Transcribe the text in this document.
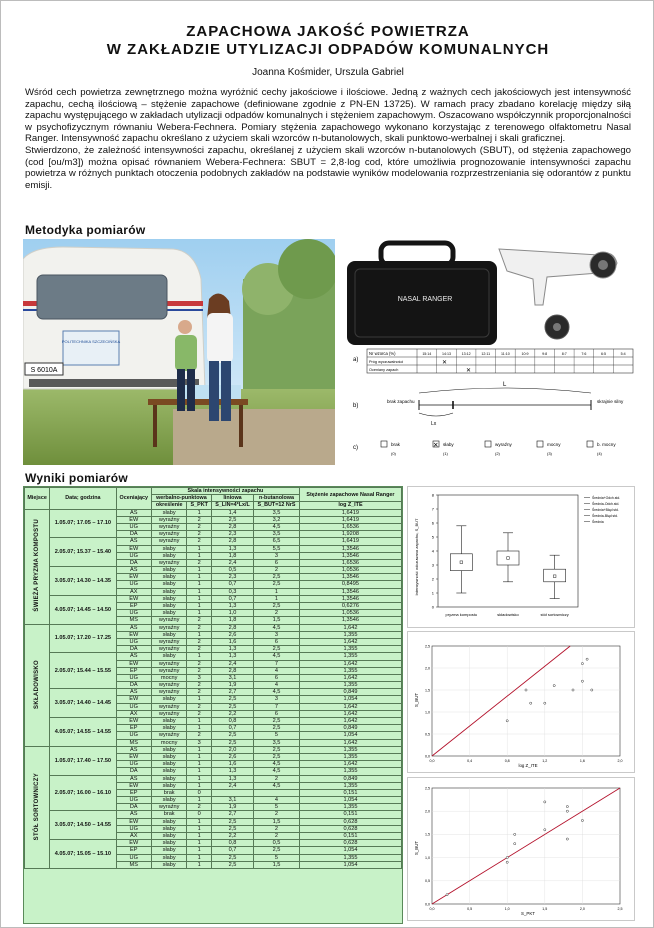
ZAPACHOWA JAKOŚĆ POWIETRZA
W ZAKŁADZIE UTYLIZACJI ODPADÓW KOMUNALNYCH
Joanna Kośmider, Urszula Gabriel

Wśród cech powietrza zewnętrznego można wyróżnić cechy jakościowe i ilościowe. Jedną z ważnych cech jakościowych jest intensywność zapachu, cechą ilościową – stężenie zapachowe (definiowane zgodnie z PN-EN 13725). W ramach pracy zbadano korelację między siłą zapachu występującego w zakładach utylizacji odpadów komunalnych i stężeniem zapachowym. Oszacowano współczynnik proporcjonalności w psychofizycznym równaniu Webera-Fechnera. Pomiary stężenia zapachowego wykonano korzystając z terenowego olfaktometru Nasal Ranger. Intensywność zapachu określano z użyciem skali wzorców n-butanolowych, skali punktowo-werbalnej i skali graficznej.

Stwierdzono, że zależność intensywności zapachu, określanej z użyciem skali wzorców n-butanolowych (SBUT), od stężenia zapachowego (cod [ou/m3]) można opisać równaniem Webera-Fechnera: SBUT = 2,8·log cod, które umożliwia prognozowanie intensywności zapachu powietrza w różnych punktach otoczenia podobnych zakładów na podstawie wyników modelowania rozprzestrzeniania się odorantów z punktu emisji.

Metodyka pomiarów
POLITECHNIKA SZCZECIŃSKA
S 6010A
NASAL RANGER
a)
Nr wzorca (%)
Próg wyczuwalności
Oceniany zapach
15:14	14:13	13:12	12:11	11:10	10:9	9:8	8:7	7:6	6:5	5:4
✕
✕
b)
brak zapachu	skrajnie silny
L
Lx
c)
brak
(0)
✕ słaby
(1)
wyraźny
(2)
mocny
(3)
b. mocny
(4)
Wyniki pomiarów
Miejsce	Data; godzina	Oceniający	Skala intensywności zapachu				Stężenie zapachowe Nasal Ranger
			werbalno-punktowa		liniowa	n-butanolowa	
			określenie	S_PKT	S_LIN=4*Lx/L	S_BUT=12 NrS	log Z_ITE
ŚWIEŻA PRYZMA KOMPOSTU	1.05.07; 17.05 – 17.10	AS	słaby	1	1,4	3,5	1,6419
		EW	wyraźny	2	2,5	3,2	1,6419
		UG	wyraźny	2	2,8	4,5	1,6536
		DA	wyraźny	2	2,3	3,5	1,9208
	2.05.07; 15.37 – 15.40	AS	wyraźny	2	2,8	6,5	1,6419
		EW	słaby	1	1,3	5,5	1,3546
		UG	słaby	1	1,8	3	1,3546
		DA	wyraźny	2	2,4	6	1,6536
	3.05.07; 14.30 – 14.35	AS	słaby	1	0,5	2	1,0536
		EW	słaby	1	2,3	2,5	1,3546
		UG	słaby	1	0,7	2,5	0,8495
		AX	słaby	1	0,3	1	1,3546
	4.05.07; 14.45 – 14.50	EW	słaby	1	0,7	1	1,3546
		EP	słaby	1	1,3	2,5	0,6276
		UG	słaby	1	1,0	2	1,0536
		MS	wyraźny	2	1,8	1,5	1,3546
SKŁADOWISKO	1.05.07; 17.20 – 17.25	AS	wyraźny	2	2,8	4,5	1,642
		EW	słaby	1	2,6	3	1,355
		UG	wyraźny	2	1,6	6	1,642
		DA	wyraźny	2	1,3	2,5	1,355
	2.05.07; 15.44 – 15.55	AS	słaby	1	1,3	4,5	1,355
		EW	wyraźny	2	2,4	7	1,642
		EP	wyraźny	2	2,8	4	1,355
		UG	mocny	3	3,1	6	1,642
		DA	wyraźny	2	1,9	4	1,355
	3.05.07; 14.40 – 14.45	AS	wyraźny	2	2,7	4,5	0,849
		EW	słaby	1	2,5	3	1,054
		UG	wyraźny	2	2,5	7	1,642
		AX	wyraźny	2	2,2	6	1,642
	4.05.07; 14.55 – 14.55	EW	słaby	1	0,8	2,5	1,642
		EP	słaby	1	0,7	2,5	0,849
		UG	wyraźny	2	2,5	5	1,054
		MS	mocny	3	2,5	3,5	1,642
STÓŁ SORTOWNICZY	1.05.07; 17.40 – 17.50	AS	słaby	1	2,0	2,5	1,355
		EW	słaby	1	2,6	2,5	1,355
		UG	słaby	1	1,6	4,5	1,642
		DA	słaby	1	1,3	4,5	1,355
	2.05.07; 16.00 – 16.10	AS	słaby	1	1,3	2	0,849
		EW	słaby	1	2,4	4,5	1,355
		EP	brak	0			0,151
		UG	słaby	1	3,1	4	1,054
		DA	wyraźny	2	1,9	5	1,355
	3.05.07; 14.50 – 14.55	AS	brak	0	2,7	2	0,151
		EW	słaby	1	2,5	1,5	0,628
		UG	słaby	1	2,5	2	0,628
		AX	słaby	1	2,2	2	0,151
	4.05.07; 15.05 – 15.10	EW	słaby	1	0,8	0,5	0,628
		EP	słaby	1	0,7	2,5	1,054
		UG	słaby	1	2,5	5	1,355
		MS	słaby	1	2,5	1,5	1,054
Intensywność odczuwana zapachu, S_BUT
0
1
2
3
4
5
6
7
8
pryzma kompostu	składowisko	stół sortowniczy
Średnia+Odch.std.
Średnia-Odch.std.
Średnia+Błąd std.
Średnia-Błąd std.
Średnia
log Z_ITE
S_BUT
0,0
0,0
0,4
0,5
0,8
1,0
1,2
1,5
1,6
2,0
2,0
2,5
S_PKT
S_BUT
0,0
0,0
0,5
0,5
1,0
1,0
1,5
1,5
2,0
2,0
2,5
2,5
